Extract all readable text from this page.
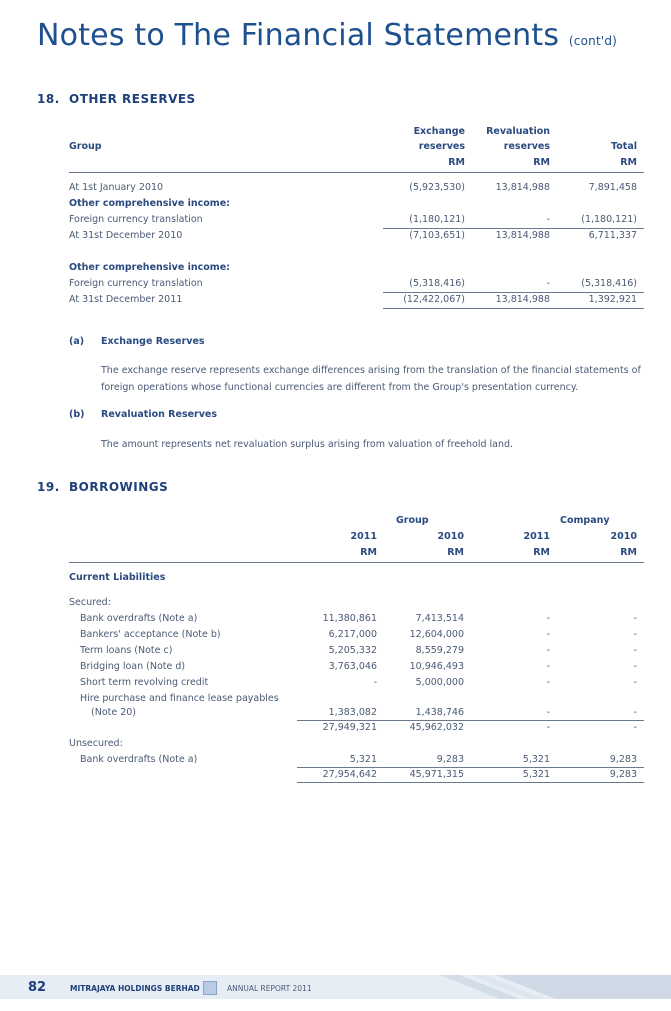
Notes to The Financial Statements (cont'd)
18. OTHER RESERVES
Group
Exchange
reserves
RM
Revaluation
reserves
RM
Total
RM
At 1st January 2010	(5,923,530)	13,814,988	7,891,458
Other comprehensive income:
Foreign currency translation	(1,180,121)	-	(1,180,121)
At 31st December 2010	(7,103,651)	13,814,988	6,711,337
Other comprehensive income:
Foreign currency translation	(5,318,416)	-	(5,318,416)
At 31st December 2011	(12,422,067)	13,814,988	1,392,921
(a) Exchange Reserves
The exchange reserve represents exchange differences arising from the translation of the financial statements of foreign operations whose functional currencies are different from the Group's presentation currency.
(b) Revaluation Reserves
The amount represents net revaluation surplus arising from valuation of freehold land.
19. BORROWINGS
Group	Company
2011	2010	2011	2010
RM	RM	RM	RM
Current Liabilities
Secured:
Bank overdrafts (Note a)	11,380,861	7,413,514	-	-
Bankers' acceptance (Note b)	6,217,000	12,604,000	-	-
Term loans (Note c)	5,205,332	8,559,279	-	-
Bridging loan (Note d)	3,763,046	10,946,493	-	-
Short term revolving credit	-	5,000,000	-	-
Hire purchase and finance lease payables
(Note 20)	1,383,082	1,438,746	-	-
27,949,321	45,962,032	-	-
Unsecured:
Bank overdrafts (Note a)	5,321	9,283	5,321	9,283
27,954,642	45,971,315	5,321	9,283
82	MITRAJAYA HOLDINGS BERHAD	ANNUAL REPORT 2011
